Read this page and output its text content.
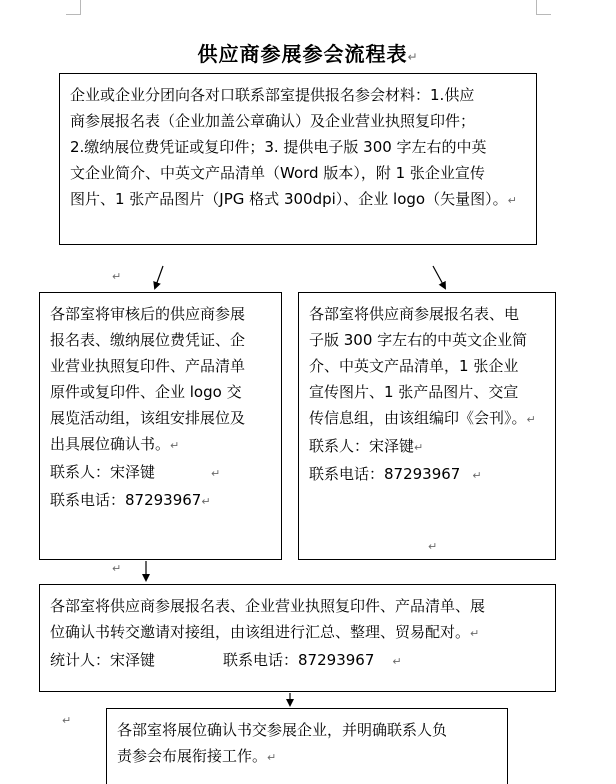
供应商参展参会流程表↵

企业或企业分团向各对口联系部室提供报名参会材料：1.供应

商参展报名表（企业加盖公章确认）及企业营业执照复印件；

2.缴纳展位费凭证或复印件；3. 提供电子版 300 字左右的中英

文企业简介、中英文产品清单（Word 版本），附 1 张企业宣传

图片、1 张产品图片（JPG 格式 300dpi）、企业 logo（矢量图）。↵

↵

各部室将审核后的供应商参展

报名表、缴纳展位费凭证、企

业营业执照复印件、产品清单

原件或复印件、企业 logo 交

展览活动组，该组安排展位及

出具展位确认书。↵

联系人：宋泽键	↵

联系电话：87293967↵

各部室将供应商参展报名表、电

子版 300 字左右的中英文企业简

介、中英文产品清单，1 张企业

宣传图片、1 张产品图片、交宣

传信息组，由该组编印《会刊》。↵

联系人：宋泽键↵

联系电话：87293967 ↵

↵
↵

各部室将供应商参展报名表、企业营业执照复印件、产品清单、展

位确认书转交邀请对接组，由该组进行汇总、整理、贸易配对。↵

统计人：宋泽键	联系电话：87293967 ↵

↵

各部室将展位确认书交参展企业，并明确联系人负

责参会布展衔接工作。↵
